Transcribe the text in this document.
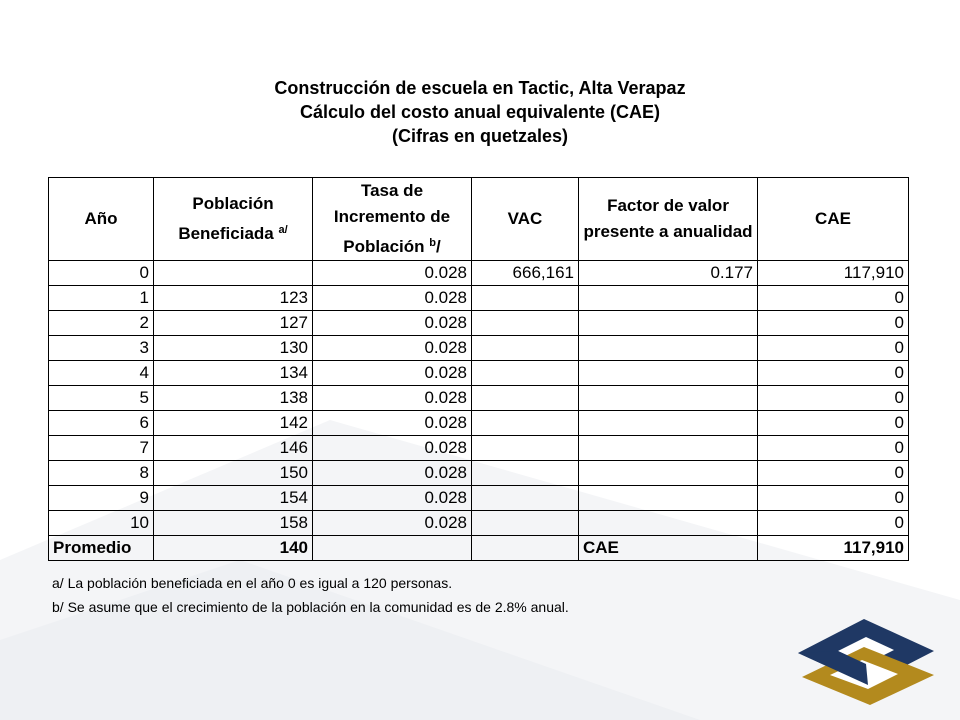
Construcción de escuela en Tactic, Alta Verapaz
Cálculo del costo anual equivalente (CAE)
(Cifras en quetzales)
Año	Población Beneficiada $^{a/}$	Tasa de Incremento de Población $^b$/	VAC	Factor de valor presente a anualidad	CAE
0		0.028	666,161	0.177	117,910
1	123	0.028			0
2	127	0.028			0
3	130	0.028			0
4	134	0.028			0
5	138	0.028			0
6	142	0.028			0
7	146	0.028			0
8	150	0.028			0
9	154	0.028			0
10	158	0.028			0
Promedio	140			CAE	117,910
a/ La población beneficiada en el año 0 es igual a 120 personas.
b/ Se asume que el crecimiento de la población en la comunidad es de 2.8% anual.
